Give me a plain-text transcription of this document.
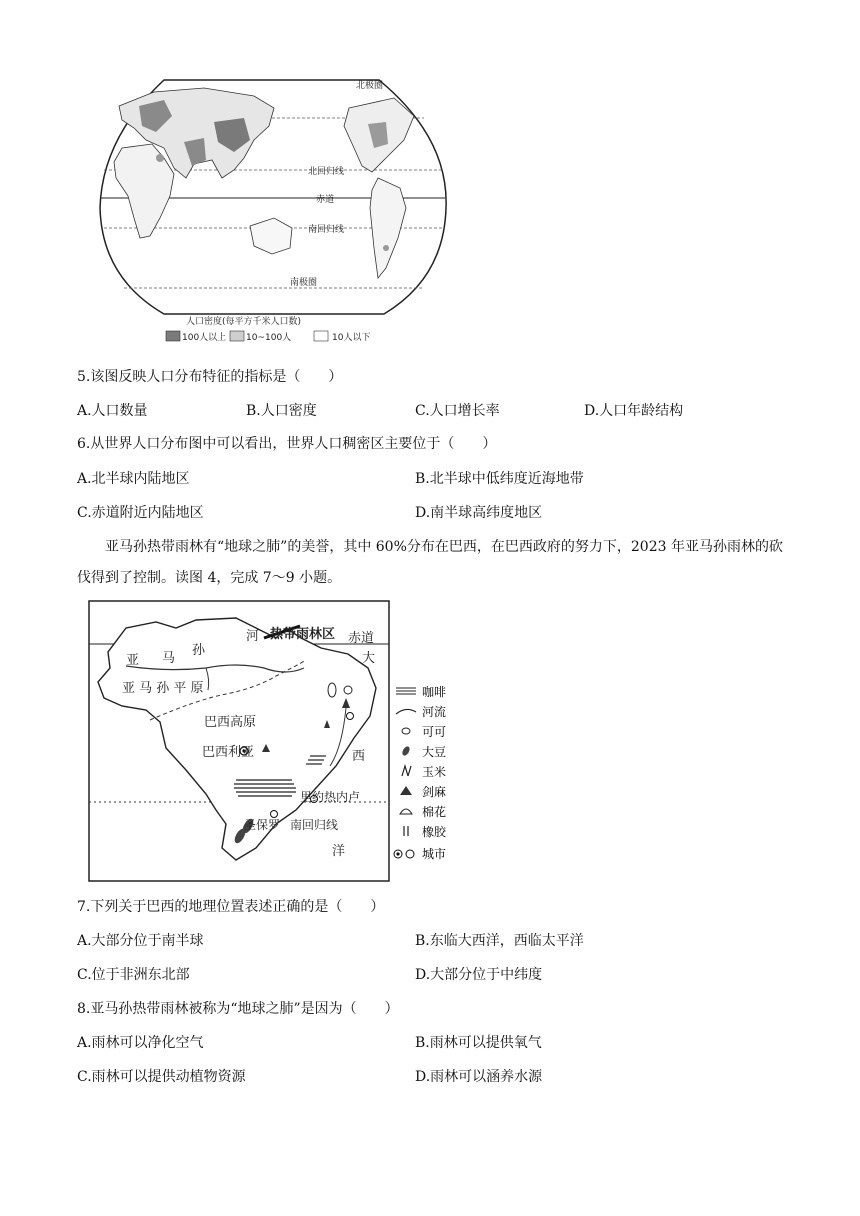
北极圈
北回归线
赤道
南回归线
南极圈
人口密度(每平方千米人口数)
100人以上 10~100人	10人以下
5.该图反映人口分布特征的指标是（　　）
A.人口数量	B.人口密度	C.人口增长率	D.人口年龄结构
6.从世界人口分布图中可以看出，世界人口稠密区主要位于（　　）
A.北半球内陆地区	B.北半球中低纬度近海地带
C.赤道附近内陆地区	D.南半球高纬度地区
亚马孙热带雨林有“地球之肺”的美誉，其中 60%分布在巴西，在巴西政府的努力下，2023 年亚马孙雨林的砍伐得到了控制。读图 4，完成 7～9 小题。
热带雨林区 赤道
河
亚 马
孙
亚 马 孙 平 原
巴西高原
巴西利亚
里约热内卢
圣保罗 南回归线
大
西
洋
咖啡
河流
可可
大豆
玉米
剑麻
棉花
橡胶
城市
7.下列关于巴西的地理位置表述正确的是（　　）
A.大部分位于南半球	B.东临大西洋，西临太平洋
C.位于非洲东北部	D.大部分位于中纬度
8.亚马孙热带雨林被称为“地球之肺”是因为（　　）
A.雨林可以净化空气	B.雨林可以提供氧气
C.雨林可以提供动植物资源	D.雨林可以涵养水源
